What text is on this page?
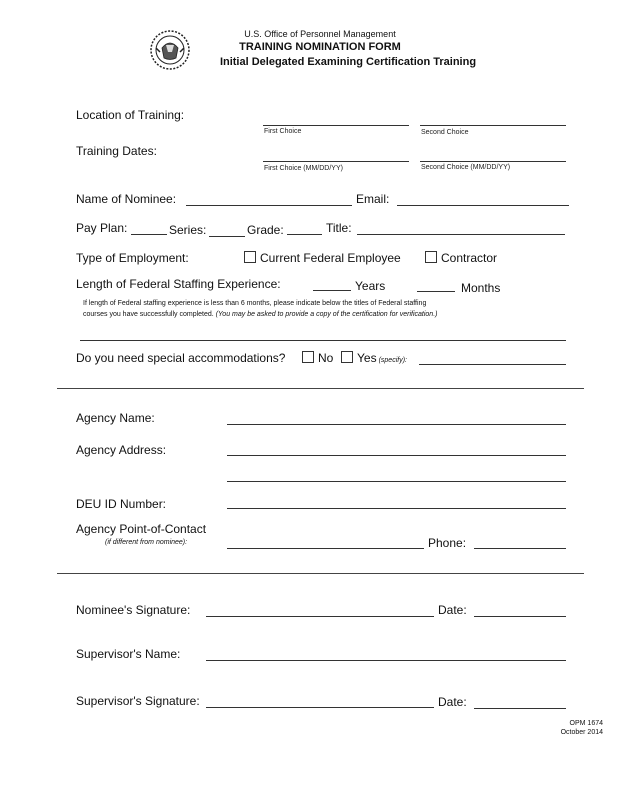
U.S. Office of Personnel Management
TRAINING NOMINATION FORM
Initial Delegated Examining Certification Training
Location of Training:
First Choice	Second Choice
Training Dates:
First Choice (MM/DD/YY)	Second Choice (MM/DD/YY)
Name of Nominee:	Email:
Pay Plan:	Series:	Grade:	Title:
Type of Employment:	Current Federal Employee	Contractor
Length of Federal Staffing Experience:	Years	Months
If length of Federal staffing experience is less than 6 months, please indicate below the titles of Federal staffing
courses you have successfully completed. (You may be asked to provide a copy of the certification for verification.)
Do you need special accommodations?	No	Yes (specify):
Agency Name:
Agency Address:
DEU ID Number:
Agency Point-of-Contact
(if different from nominee):	Phone:
Nominee's Signature:	Date:
Supervisor's Name:
Supervisor's Signature:	Date:
OPM 1674
October 2014
